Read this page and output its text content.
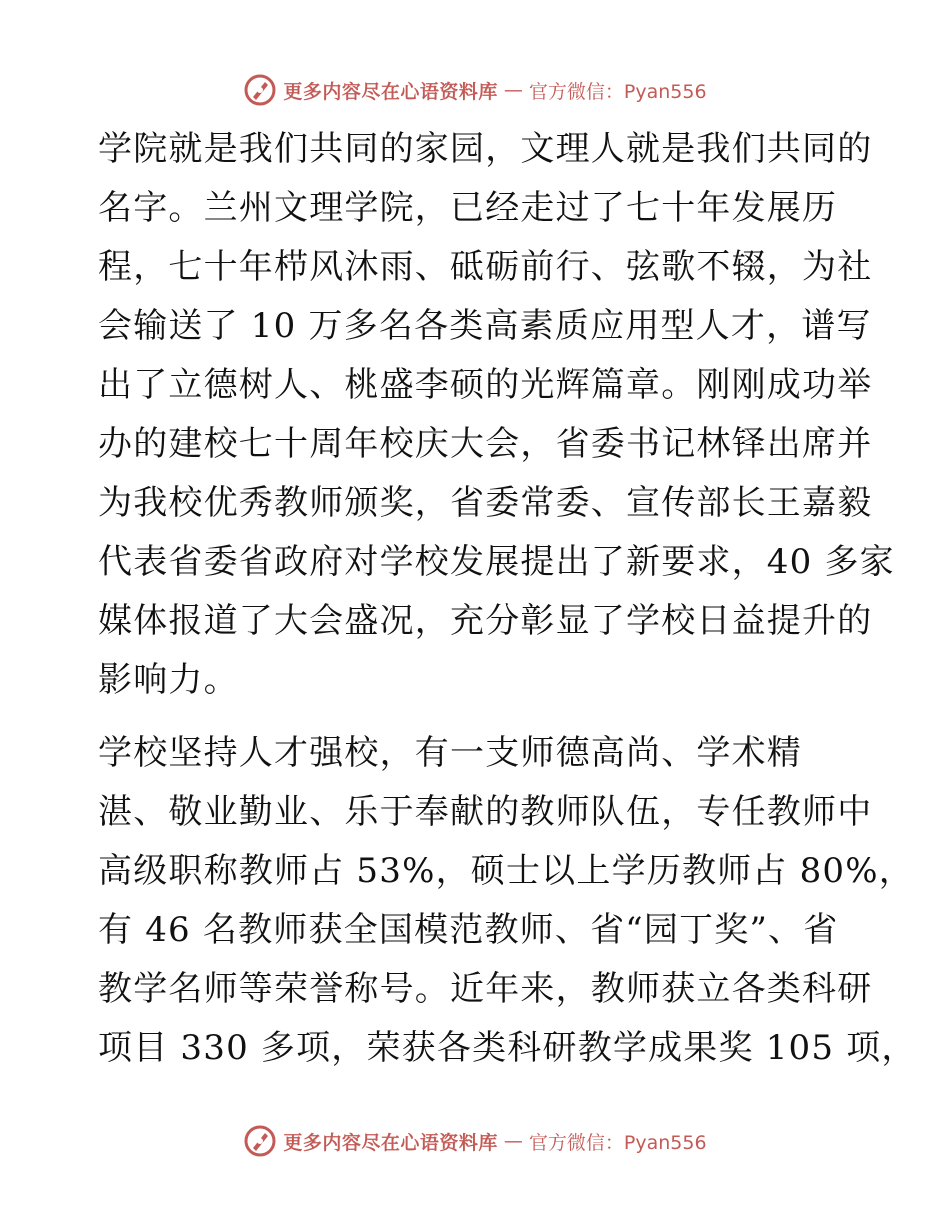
更多内容尽在心语资料库 — 官方微信：Pyan556
学院就是我们共同的家园，文理人就是我们共同的
名字。兰州文理学院，已经走过了七十年发展历
程，七十年栉风沐雨、砥砺前行、弦歌不辍，为社
会输送了 10 万多名各类高素质应用型人才，谱写
出了立德树人、桃盛李硕的光辉篇章。刚刚成功举
办的建校七十周年校庆大会，省委书记林铎出席并
为我校优秀教师颁奖，省委常委、宣传部长王嘉毅
代表省委省政府对学校发展提出了新要求，40 多家
媒体报道了大会盛况，充分彰显了学校日益提升的
影响力。
学校坚持人才强校，有一支师德高尚、学术精
湛、敬业勤业、乐于奉献的教师队伍，专任教师中
高级职称教师占 53%，硕士以上学历教师占 80%，
有 46 名教师获全国模范教师、省“园丁奖”、省
教学名师等荣誉称号。近年来，教师获立各类科研
项目 330 多项，荣获各类科研教学成果奖 105 项，
更多内容尽在心语资料库 — 官方微信：Pyan556
